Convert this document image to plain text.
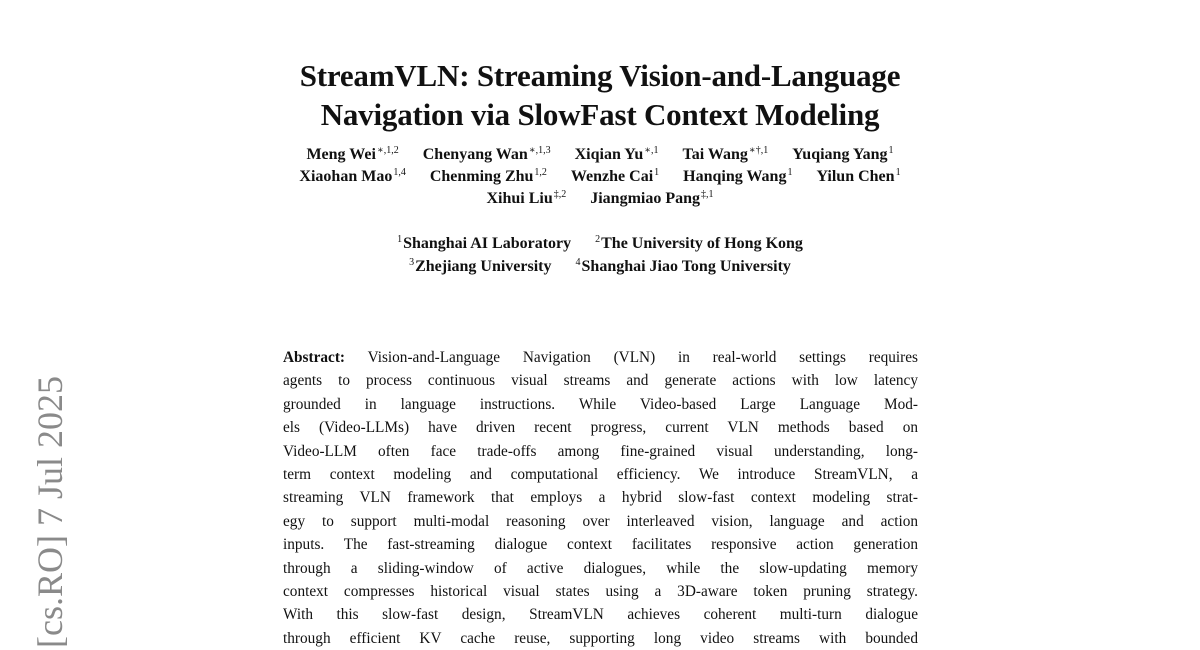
StreamVLN: Streaming Vision-and-Language
Navigation via SlowFast Context Modeling
Meng Wei$^{∗,1,2}$ Chenyang Wan$^{∗,1,3}$ Xiqian $Yu^{∗,1}$ Tai Wang$^{∗\dagger,1}$ Yuqiang Yang$^1$
Xiaohan Mao$^{1,4}$ Chenming Zhu$^{1,2}$ Wenzhe Cai$^1$ Hanqing Wang$^1$ Yilun Chen$^1$
Xihui Liu$^{\ddagger,2}$ Jiangmiao Pang$^{\ddagger,1}$
$^1$Shanghai AI Laboratory $^2$The University of Hong Kong
$^3$Zhejiang University $^4$Shanghai Jiao Tong University
Abstract: Vision-and-Language Navigation (VLN) in real-world settings requires
agents to process continuous visual streams and generate actions with low latency
grounded in language instructions. While Video-based Large Language Mod-
els (Video-LLMs) have driven recent progress, current VLN methods based on
Video-LLM often face trade-offs among fine-grained visual understanding, long-
term context modeling and computational efficiency. We introduce StreamVLN, a
streaming VLN framework that employs a hybrid slow-fast context modeling strat-
egy to support multi-modal reasoning over interleaved vision, language and action
inputs. The fast-streaming dialogue context facilitates responsive action generation
through a sliding-window of active dialogues, while the slow-updating memory
context compresses historical visual states using a 3D-aware token pruning strategy.
With this slow-fast design, StreamVLN achieves coherent multi-turn dialogue
through efficient KV cache reuse, supporting long video streams with bounded
[cs.RO] 7 Jul 2025
